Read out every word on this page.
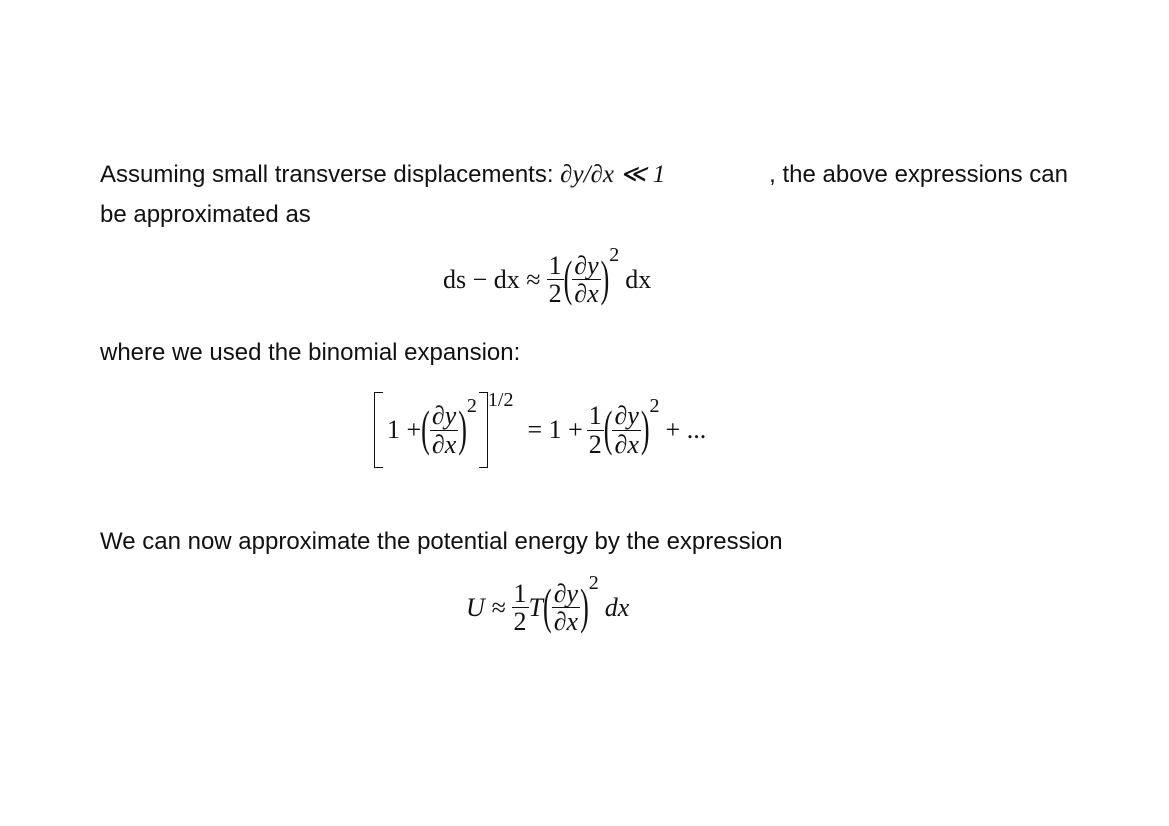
Assuming small transverse displacements: ∂y/∂x ≪ 1	, the above expressions can
be approximated as
ds − dx ≈ $\frac{1}{2}$ ( $\frac{\partial y}{\partial x}$ ) 2
dx
where we used the binomial expansion:
1 + ( $\frac{\partial y}{\partial x}$ ) 2 1/2
= $1 + \frac{1}{2}$ ( $\frac{\partial y}{\partial x}$ ) 2
+ ...
We can now approximate the potential energy by the expression
$U \approx \frac{1}{2}$ T ( $\frac{\partial y}{\partial x}$ ) 2
dx
